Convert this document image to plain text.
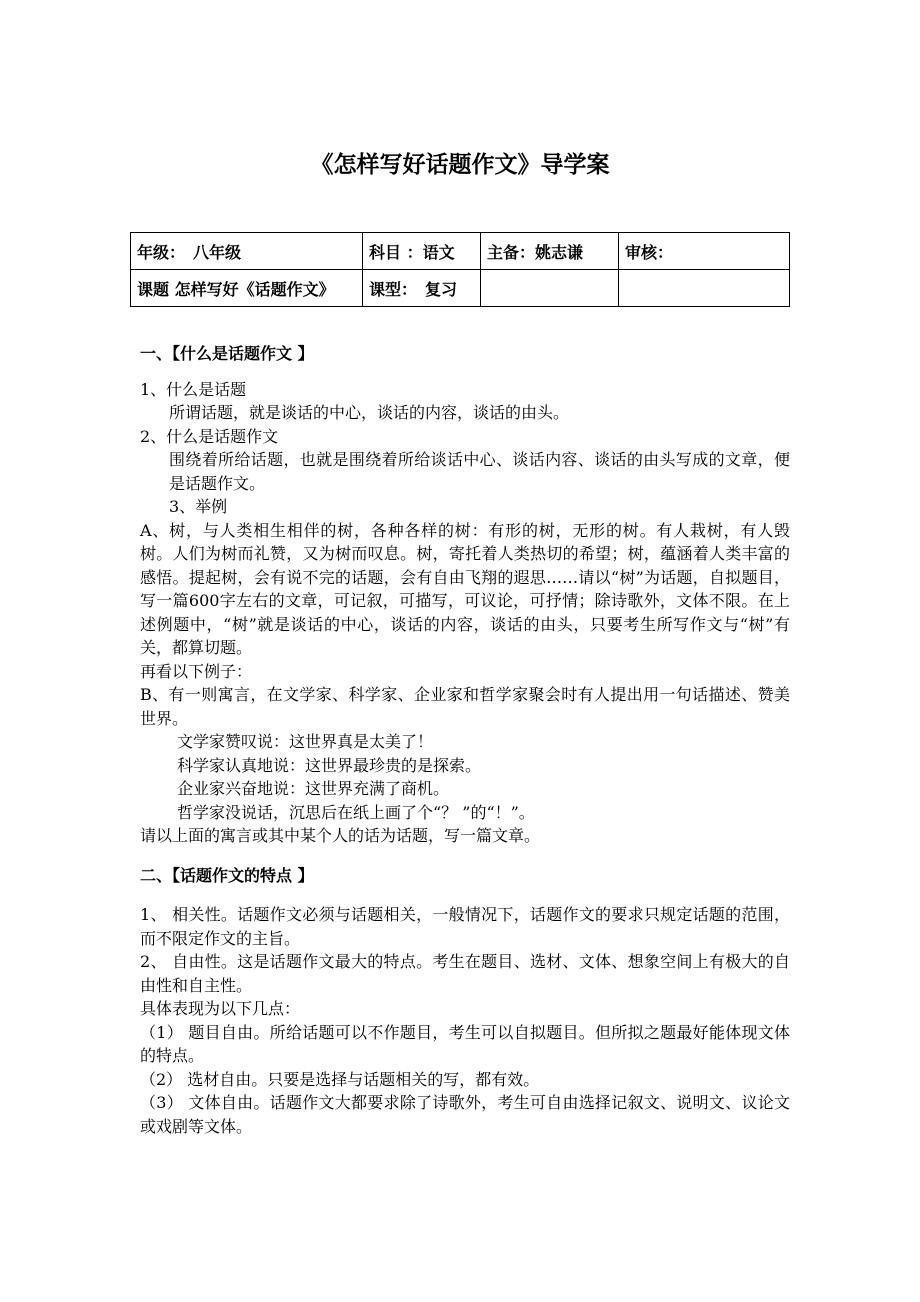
《怎样写好话题作文》导学案
年级：　八年级	科目 ：语文	主备：姚志谦	审核：
课题 怎样写好《话题作文》	课型：　复习		

一、【什么是话题作文 】

1、什么是话题

所谓话题，就是谈话的中心，谈话的内容，谈话的由头。

2、什么是话题作文

围绕着所给话题，也就是围绕着所给谈话中心、谈话内容、谈话的由头写成的文章，便是话题作文。

3、举例

A、树，与人类相生相伴的树，各种各样的树：有形的树，无形的树。有人栽树，有人毁树。人们为树而礼赞，又为树而叹息。树，寄托着人类热切的希望；树，蕴涵着人类丰富的感悟。提起树，会有说不完的话题，会有自由飞翔的遐思……请以“树”为话题，自拟题目，写一篇600字左右的文章，可记叙，可描写，可议论，可抒情；除诗歌外，文体不限。在上述例题中，“树”就是谈话的中心，谈话的内容，谈话的由头，只要考生所写作文与“树”有关，都算切题。

再看以下例子：

B、有一则寓言，在文学家、科学家、企业家和哲学家聚会时有人提出用一句话描述、赞美世界。

文学家赞叹说：这世界真是太美了！

科学家认真地说：这世界最珍贵的是探索。

企业家兴奋地说：这世界充满了商机。

哲学家没说话，沉思后在纸上画了个“？ ”的“！”。

请以上面的寓言或其中某个人的话为话题，写一篇文章。

二、【话题作文的特点 】

1、 相关性。话题作文必须与话题相关，一般情况下，话题作文的要求只规定话题的范围，而不限定作文的主旨。

2、 自由性。这是话题作文最大的特点。考生在题目、选材、文体、想象空间上有极大的自由性和自主性。

具体表现为以下几点：

（1） 题目自由。所给话题可以不作题目，考生可以自拟题目。但所拟之题最好能体现文体的特点。

（2） 选材自由。只要是选择与话题相关的写，都有效。

（3） 文体自由。话题作文大都要求除了诗歌外，考生可自由选择记叙文、说明文、议论文或戏剧等文体。
